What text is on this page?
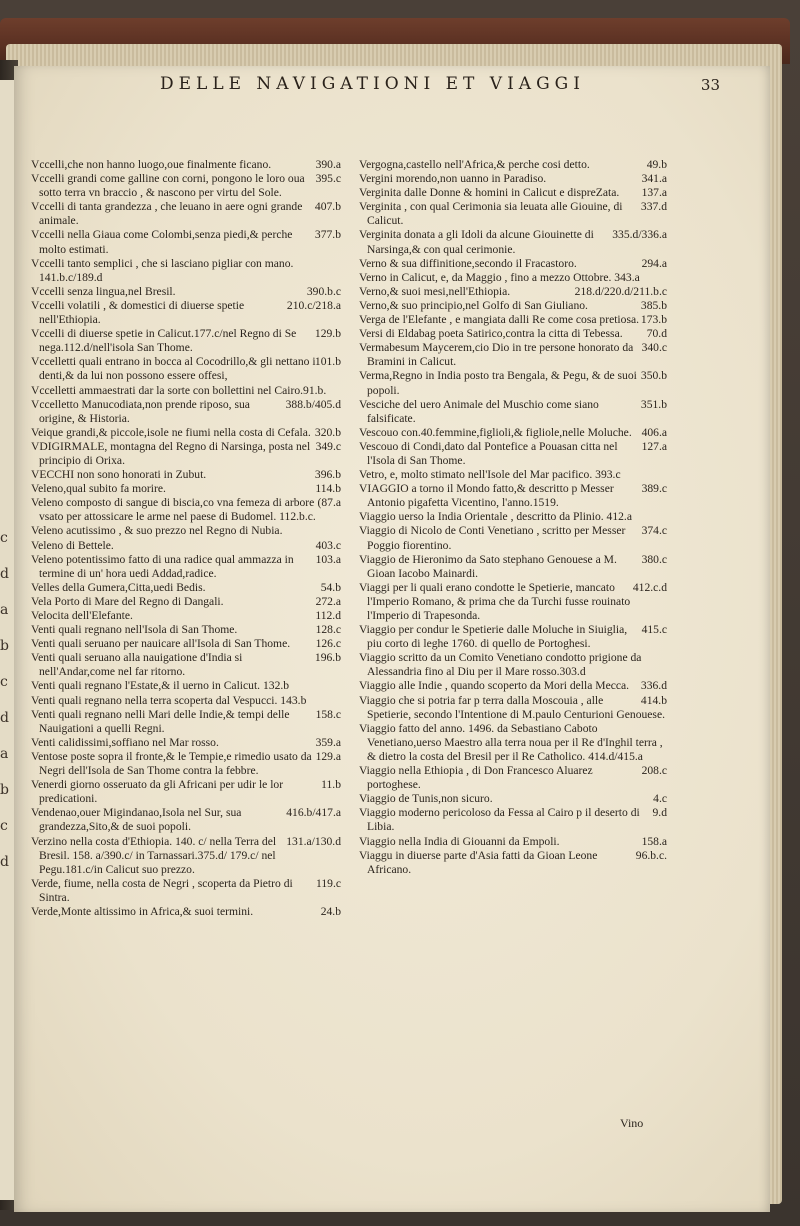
c
d
a
b
c
d
a
b
c
d
DELLE NAVIGATIONI ET VIAGGI	33

390.a
Vccelli,che non hanno luogo,oue finalmente ficano.

395.c
Vccelli grandi come galline con corni, pongono le loro oua sotto terra vn braccio , & nascono per virtu del Sole.

407.b
Vccelli di tanta grandezza , che leuano in aere ogni grande animale.

377.b
Vccelli nella Giaua come Colombi,senza piedi,& perche molto estimati.

Vccelli tanto semplici , che si lasciano pigliar con mano. 141.b.c/189.d

390.b.c
Vccelli senza lingua,nel Bresil.

210.c/218.a
Vccelli volatili , & domestici di diuerse spetie nell'Ethiopia.

129.b
Vccelli di diuerse spetie in Calicut.177.c/nel Regno di Se nega.112.d/nell'isola San Thome.

101.b
Vccelletti quali entrano in bocca al Cocodrillo,& gli nettano i denti,& da lui non possono essere offesi,

Vccelletti ammaestrati dar la sorte con bollettini nel Cairo.91.b.

388.b/405.d
Vccelletto Manucodiata,non prende riposo, sua origine, & Historia.

320.b
Veique grandi,& piccole,isole ne fiumi nella costa di Cefala.

349.c
VDIGIRMALE, montagna del Regno di Narsinga, posta nel principio di Orixa.

396.b
VECCHI non sono honorati in Zubut.

114.b
Veleno,qual subito fa morire.

(87.a
Veleno composto di sangue di biscia,co vna femeza di arbore vsato per attossicare le arme nel paese di Budomel. 112.b.c.

Veleno acutissimo , & suo prezzo nel Regno di Nubia.

403.c
Veleno di Bettele.

103.a
Veleno potentissimo fatto di una radice qual ammazza in termine di un' hora uedi Addad,radice.

54.b
Velles della Gumera,Citta,uedi Bedis.

272.a
Vela Porto di Mare del Regno di Dangali.

112.d
Velocita dell'Elefante.

128.c
Venti quali regnano nell'Isola di San Thome.

126.c
Venti quali seruano per nauicare all'Isola di San Thome.

196.b
Venti quali seruano alla nauigatione d'India si nell'Andar,come nel far ritorno.

Venti quali regnano l'Estate,& il uerno in Calicut. 132.b

Venti quali regnano nella terra scoperta dal Vespucci. 143.b

158.c
Venti quali regnano nelli Mari delle Indie,& tempi delle Nauigationi a quelli Regni.

359.a
Venti calidissimi,soffiano nel Mar rosso.

129.a
Ventose poste sopra il fronte,& le Tempie,e rimedio usato da Negri dell'Isola de San Thome contra la febbre.

11.b
Venerdi giorno osseruato da gli Africani per udir le lor predicationi.

416.b/417.a
Vendenao,ouer Migindanao,Isola nel Sur, sua grandezza,Sito,& de suoi popoli.

131.a/130.d
Verzino nella costa d'Ethiopia. 140. c/ nella Terra del Bresil. 158. a/390.c/ in Tarnassari.375.d/ 179.c/ nel Pegu.181.c/in Calicut suo prezzo.

119.c
Verde, fiume, nella costa de Negri , scoperta da Pietro di Sintra.

24.b
Verde,Monte altissimo in Africa,& suoi termini.

49.b
Vergogna,castello nell'Africa,& perche cosi detto.

341.a
Vergini morendo,non uanno in Paradiso.

137.a
Verginita dalle Donne & homini in Calicut e dispreZata.

337.d
Verginita , con qual Cerimonia sia leuata alle Giouine, di Calicut.

335.d/336.a
Verginita donata a gli Idoli da alcune Giouinette di Narsinga,& con qual cerimonie.

294.a
Verno & sua diffinitione,secondo il Fracastoro.

Verno in Calicut, e, da Maggio , fino a mezzo Ottobre. 343.a

218.d/220.d/211.b.c
Verno,& suoi mesi,nell'Ethiopia.

385.b
Verno,& suo principio,nel Golfo di San Giuliano.

173.b
Verga de l'Elefante , e mangiata dalli Re come cosa pretiosa.

70.d
Versi di Eldabag poeta Satirico,contra la citta di Tebessa.

340.c
Vermabesum Maycerem,cio Dio in tre persone honorato da Bramini in Calicut.

350.b
Verma,Regno in India posto tra Bengala, & Pegu, & de suoi popoli.

351.b
Vesciche del uero Animale del Muschio come siano falsificate.

406.a
Vescouo con.40.femmine,figlioli,& figliole,nelle Moluche.

127.a
Vescouo di Condi,dato dal Pontefice a Pouasan citta nel l'Isola di San Thome.

Vetro, e, molto stimato nell'Isole del Mar pacifico. 393.c

389.c
VIAGGIO a torno il Mondo fatto,& descritto p Messer Antonio pigafetta Vicentino, l'anno.1519.

Viaggio uerso la India Orientale , descritto da Plinio. 412.a

374.c
Viaggio di Nicolo de Conti Venetiano , scritto per Messer Poggio fiorentino.

380.c
Viaggio de Hieronimo da Sato stephano Genouese a M. Gioan Iacobo Mainardi.

412.c.d
Viaggi per li quali erano condotte le Spetierie, mancato l'Imperio Romano, & prima che da Turchi fusse rouinato l'Imperio di Trapesonda.

415.c
Viaggio per condur le Spetierie dalle Moluche in Siuiglia, piu corto di leghe 1760. di quello de Portoghesi.

Viaggio scritto da un Comito Venetiano condotto prigione da Alessandria fino al Diu per il Mare rosso.303.d

336.d
Viaggio alle Indie , quando scoperto da Mori della Mecca.

414.b
Viaggio che si potria far p terra dalla Moscouia , alle Spetierie, secondo l'Intentione di M.paulo Centurioni Genouese.

Viaggio fatto del anno. 1496. da Sebastiano Caboto Venetiano,uerso Maestro alla terra noua per il Re d'Inghil terra , & dietro la costa del Bresil per il Re Catholico. 414.d/415.a

208.c
Viaggio nella Ethiopia , di Don Francesco Aluarez portoghese.

4.c
Viaggio de Tunis,non sicuro.

9.d
Viaggio moderno pericoloso da Fessa al Cairo p il deserto di Libia.

158.a
Viaggio nella India di Giouanni da Empoli.

96.b.c.
Viaggu in diuerse parte d'Asia fatti da Gioan Leone Africano.

Vino
